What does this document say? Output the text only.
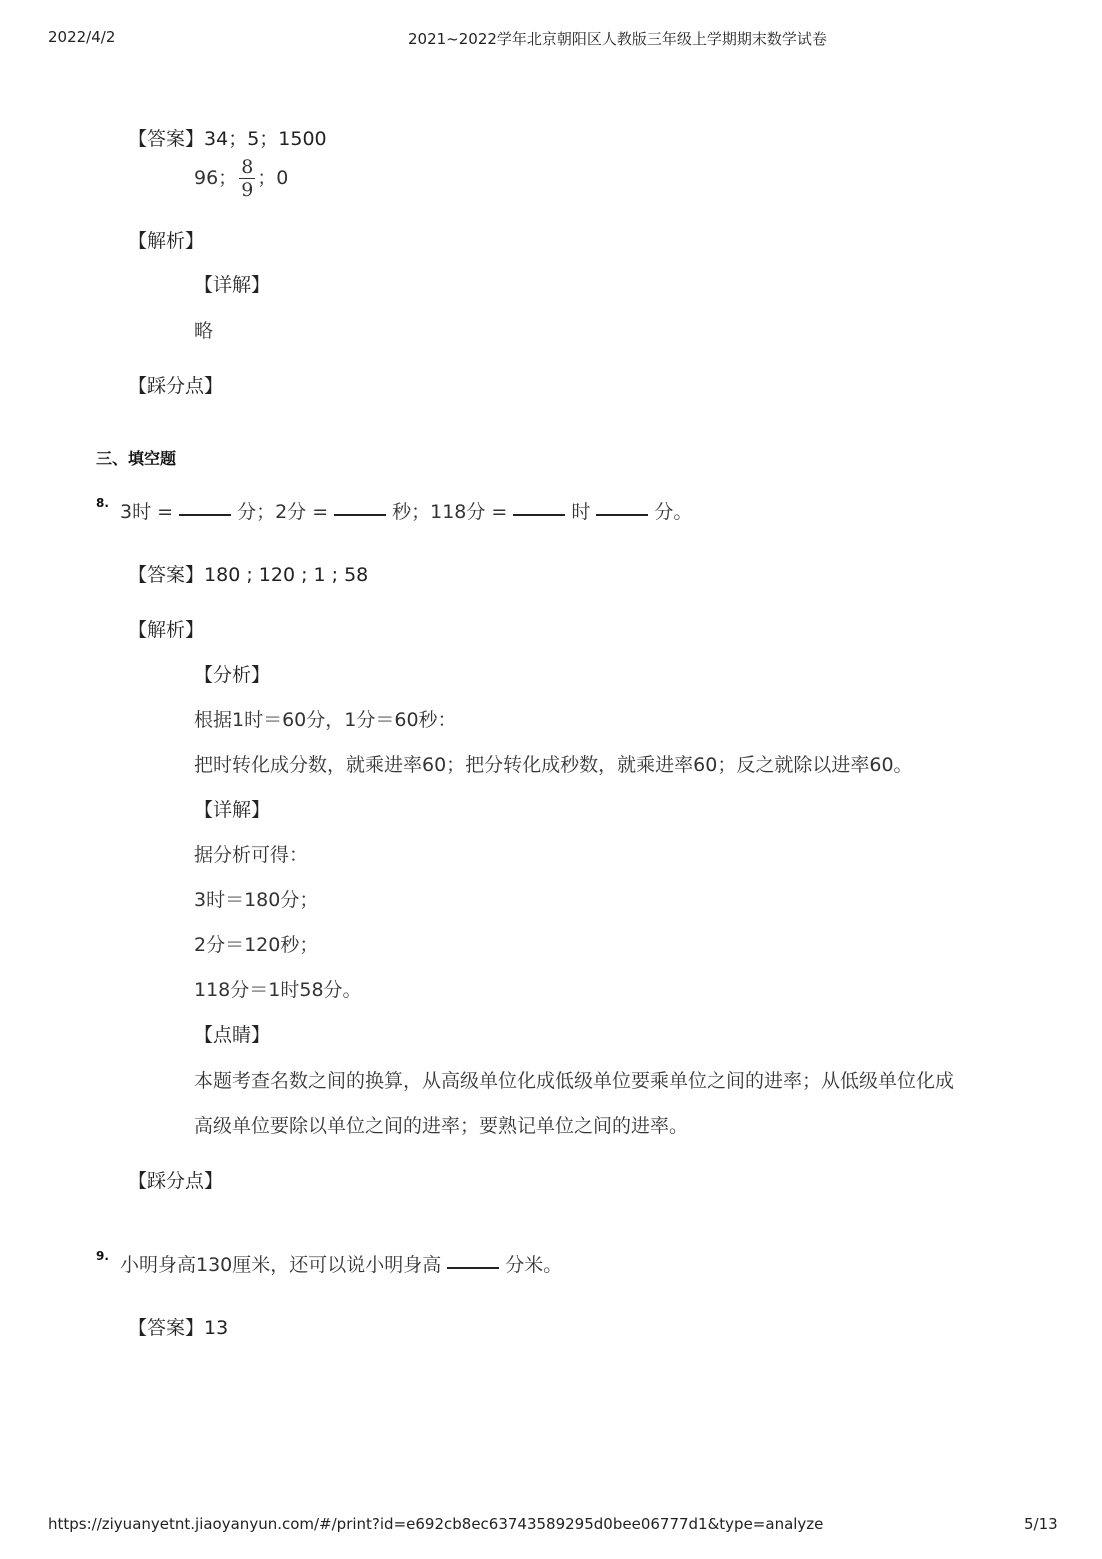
2022/4/2	2021~2022学年北京朝阳区人教版三年级上学期期末数学试卷
【答案】34；5；1500
96； $\frac{8}{9}$ ；0
【解析】
【详解】
略
【踩分点】
三、填空题
8. 3时 =	分；2分 =	秒；118分 =	时	分。
【答案】180 ; 120 ; 1 ; 58
【解析】
【分析】
根据1时＝60分，1分＝60秒：
把时转化成分数，就乘进率60；把分转化成秒数，就乘进率60；反之就除以进率60。
【详解】
据分析可得：
3时＝180分；
2分＝120秒；
118分＝1时58分。
【点睛】
本题考查名数之间的换算，从高级单位化成低级单位要乘单位之间的进率；从低级单位化成
高级单位要除以单位之间的进率；要熟记单位之间的进率。
【踩分点】
9. 小明身高130厘米，还可以说小明身高	分米。
【答案】13
https://ziyuanyetnt.jiaoyanyun.com/#/print?id=e692cb8ec63743589295d0bee06777d1&type=analyze	5/13
